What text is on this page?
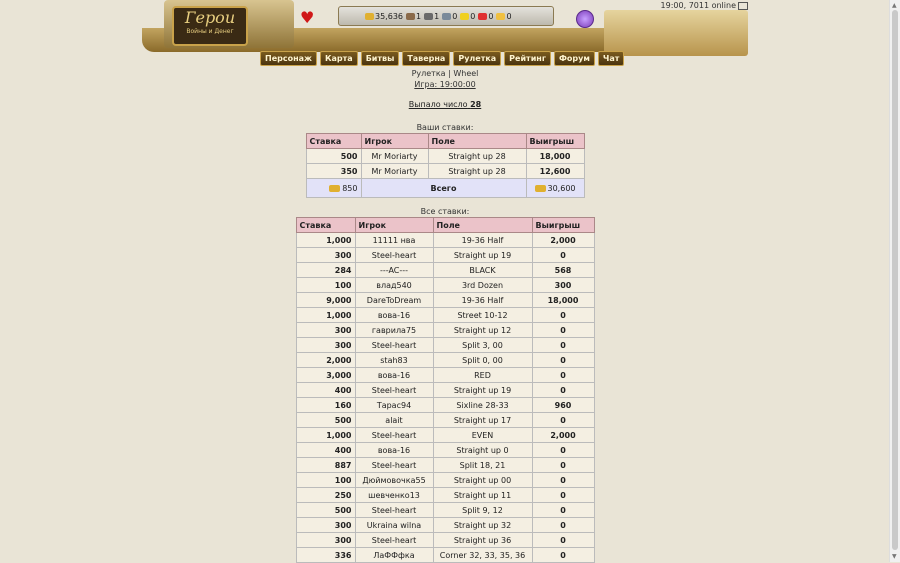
19:00, 7011 online	▲
▼
Герои
Войны и Денег
♥	35,636 1 1 0 0 0 0
Персонаж	Карта	Битвы	Таверна	Рулетка	Рейтинг	Форум	Чат
Рулетка | Wheel
Игра: 19:00:00
Выпало число 28
Ваши ставки:
Ставка	Игрок	Поле	Выигрыш
500	Mr Moriarty	Straight up 28	18,000
350	Mr Moriarty	Straight up 28	12,600
850	Всего		30,600
Все ставки:
Ставка	Игрок	Поле	Выигрыш
1,000	11111 нва	19-36 Half	2,000
300	Steel-heart	Straight up 19	0
284	---AC---	BLACK	568
100	влад540	3rd Dozen	300
9,000	DareToDream	19-36 Half	18,000
1,000	вова-16	Street 10-12	0
300	гаврила75	Straight up 12	0
300	Steel-heart	Split 3, 00	0
2,000	stah83	Split 0, 00	0
3,000	вова-16	RED	0
400	Steel-heart	Straight up 19	0
160	Тарас94	Sixline 28-33	960
500	alait	Straight up 17	0
1,000	Steel-heart	EVEN	2,000
400	вова-16	Straight up 0	0
887	Steel-heart	Split 18, 21	0
100	Дюймовочка55	Straight up 00	0
250	шевченко13	Straight up 11	0
500	Steel-heart	Split 9, 12	0
300	Ukraina wilna	Straight up 32	0
300	Steel-heart	Straight up 36	0
336	ЛаФФфка	Corner 32, 33, 35, 36	0
